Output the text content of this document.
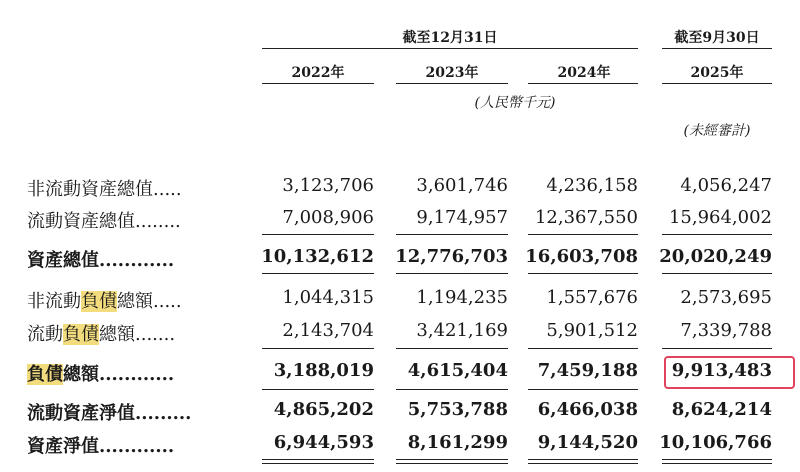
截至12月31日	截至9月30日
2022年	2023年	2024年	2025年
(人民幣千元)
(未經審計)
非流動資產總值.....	3,123,706	3,601,746	4,236,158	4,056,247
流動資產總值........	7,008,906	9,174,957	12,367,550	15,964,002
資產總值............	10,132,612	12,776,703 16,603,708	20,020,249
非流動負債總額.....	1,044,315	1,194,235	1,557,676	2,573,695
流動負債總額.......	2,143,704	3,421,169	5,901,512	7,339,788
負債總額............	3,188,019	4,615,404	7,459,188	9,913,483
流動資產淨值.........	4,865,202	5,753,788	6,466,038	8,624,214
資產淨值............	6,944,593	8,161,299	9,144,520	10,106,766
